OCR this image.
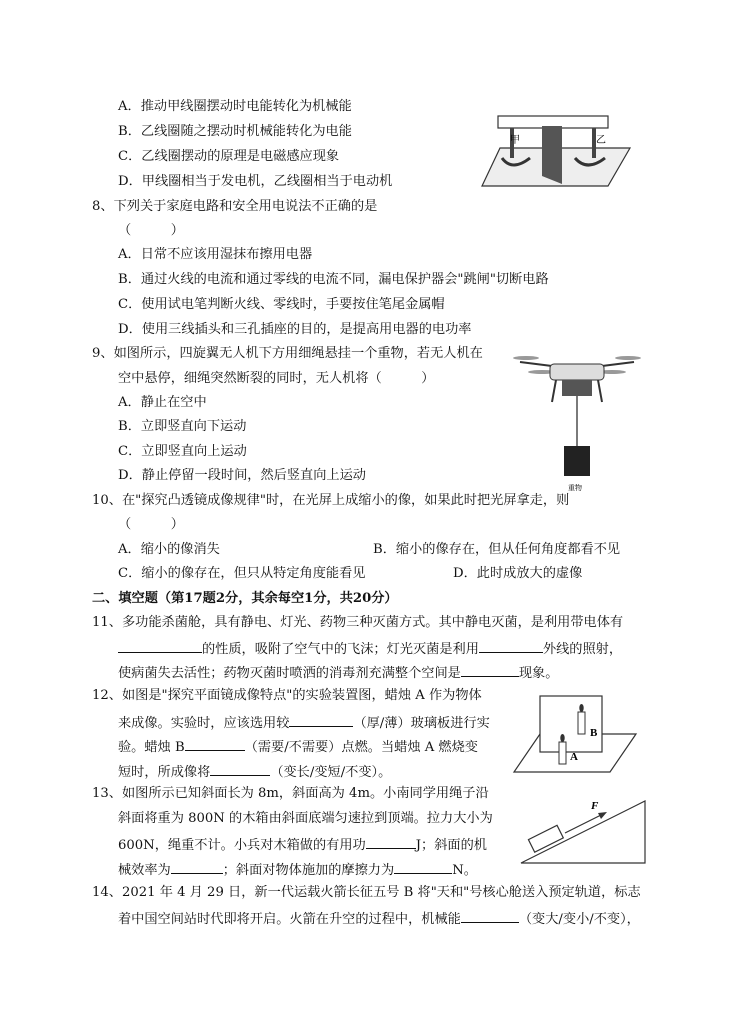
A．推动甲线圈摆动时电能转化为机械能
B．乙线圈随之摆动时机械能转化为电能
C．乙线圈摆动的原理是电磁感应现象
D．甲线圈相当于发电机，乙线圈相当于电动机
甲	乙
8、下列关于家庭电路和安全用电说法不正确的是
（　　　）
A．日常不应该用湿抹布擦用电器
B．通过火线的电流和通过零线的电流不同，漏电保护器会"跳闸"切断电路
C．使用试电笔判断火线、零线时，手要按住笔尾金属帽
D．使用三线插头和三孔插座的目的，是提高用电器的电功率
9、如图所示，四旋翼无人机下方用细绳悬挂一个重物，若无人机在
空中悬停，细绳突然断裂的同时，无人机将（　　　）
A．静止在空中
B．立即竖直向下运动
C．立即竖直向上运动
D．静止停留一段时间，然后竖直向上运动
重物
10、在"探究凸透镜成像规律"时，在光屏上成缩小的像，如果此时把光屏拿走，则
（　　　）
A．缩小的像消失	B．缩小的像存在，但从任何角度都看不见
C．缩小的像存在，但只从特定角度能看见	D．此时成放大的虚像
二、填空题（第17题2分，其余每空1分，共20分）
11、多功能杀菌舱，具有静电、灯光、药物三种灭菌方式。其中静电灭菌，是利用带电体有
的性质，吸附了空气中的飞沫；灯光灭菌是利用	外线的照射，
使病菌失去活性；药物灭菌时喷洒的消毒剂充满整个空间是	现象。
12、如图是"探究平面镜成像特点"的实验装置图，蜡烛 A 作为物体
来成像。实验时，应该选用较	（厚/薄）玻璃板进行实
验。蜡烛 B	（需要/不需要）点燃。当蜡烛 A 燃烧变
短时，所成像将	（变长/变短/不变）。
B
A
13、如图所示已知斜面长为 8m，斜面高为 4m。小南同学用绳子沿
斜面将重为 800N 的木箱由斜面底端匀速拉到顶端。拉力大小为
600N，绳重不计。小兵对木箱做的有用功	J；斜面的机
械效率为	；斜面对物体施加的摩擦力为	N。
F
14、2021 年 4 月 29 日，新一代运载火箭长征五号 B 将"天和"号核心舱送入预定轨道，标志
着中国空间站时代即将开启。火箭在升空的过程中，机械能	（变大/变小/不变），
